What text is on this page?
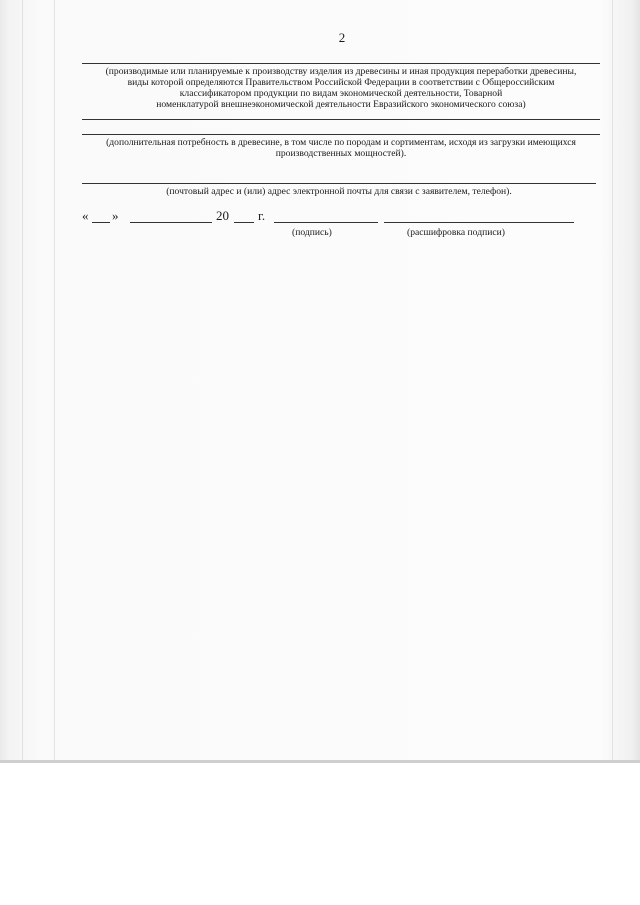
2
(производимые или планируемые к производству изделия из древесины и иная продукция переработки древесины,
виды которой определяются Правительством Российской Федерации в соответствии с Общероссийским
классификатором продукции по видам экономической деятельности, Товарной
номенклатурой внешнеэкономической деятельности Евразийского экономического союза)
(дополнительная потребность в древесине, в том числе по породам и сортиментам, исходя из загрузки имеющихся
производственных мощностей).
(почтовый адрес и (или) адрес электронной почты для связи с заявителем, телефон).
« »	20 г.
(подпись)	(расшифровка подписи)
